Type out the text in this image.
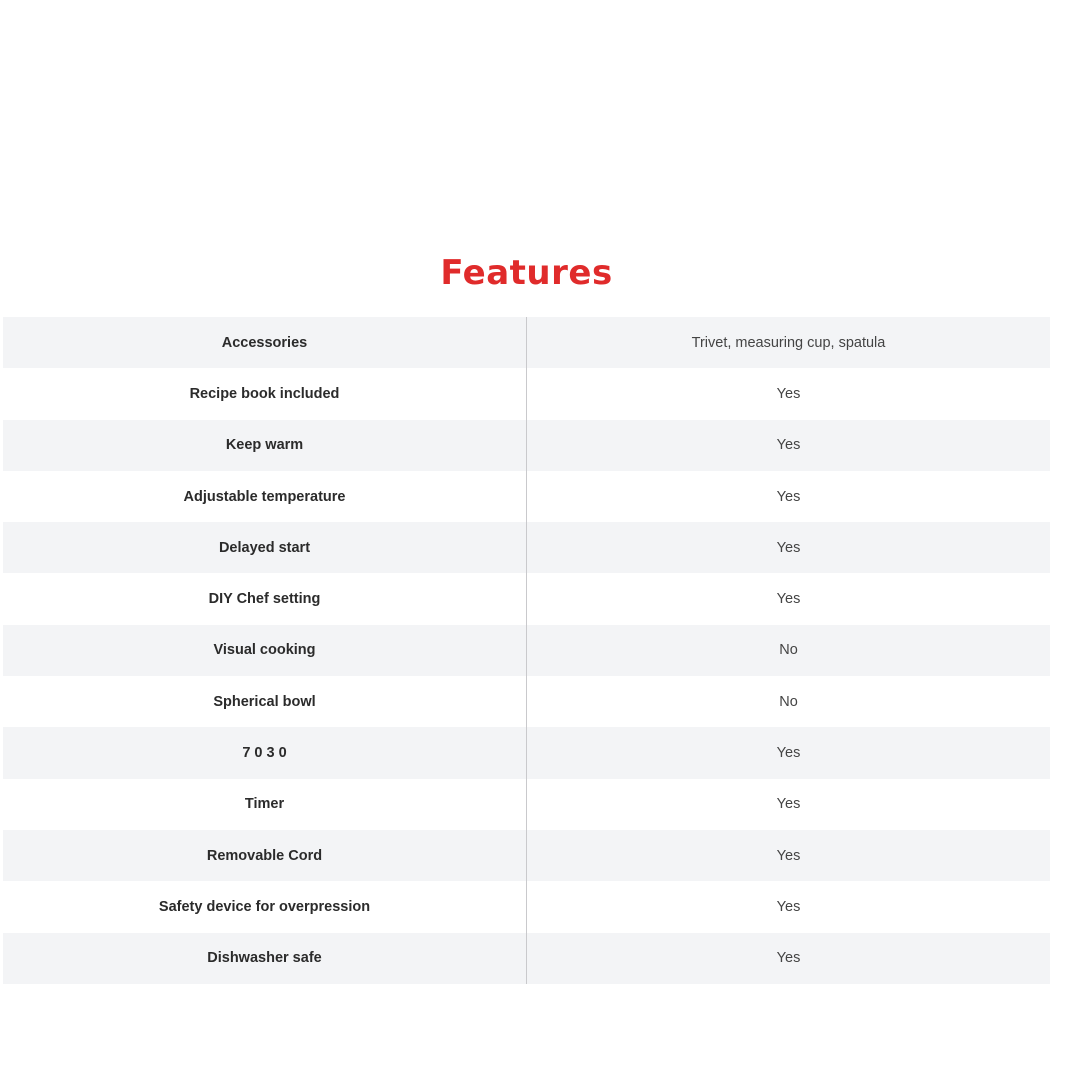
Features
Accessories	Trivet, measuring cup, spatula
Recipe book included	Yes
Keep warm	Yes
Adjustable temperature	Yes
Delayed start	Yes
DIY Chef setting	Yes
Visual cooking	No
Spherical bowl	No
7 0 3 0	Yes
Timer	Yes
Removable Cord	Yes
Safety device for overpression	Yes
Dishwasher safe	Yes
